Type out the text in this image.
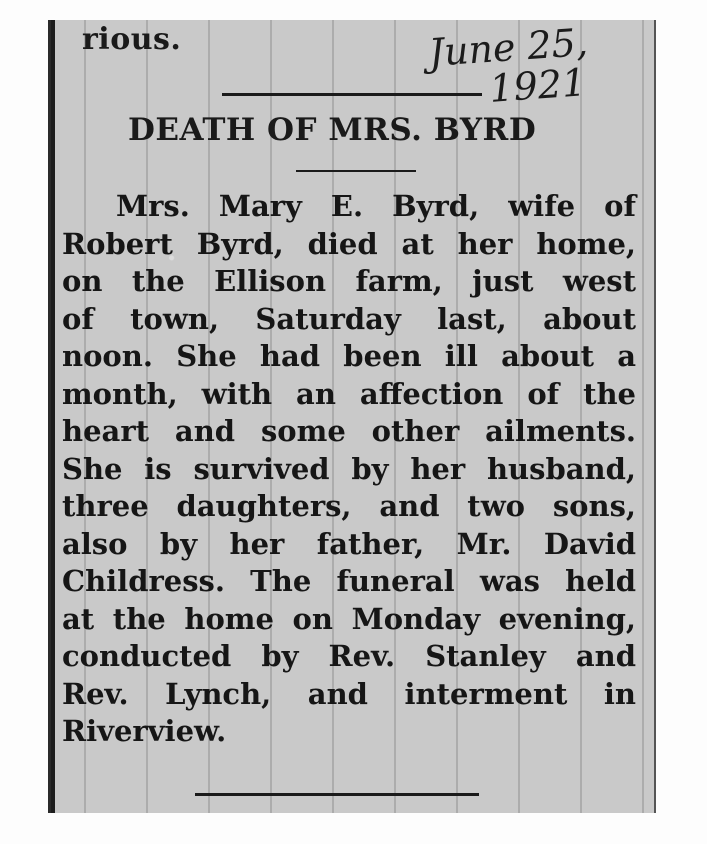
rious.	June 25,
1921
DEATH OF MRS. BYRD
Mrs. Mary E. Byrd, wife of
Robert Byrd, died at her home,
on the Ellison farm, just west
of town, Saturday last, about
noon. She had been ill about a
month, with an affection of the
heart and some other ailments.
She is survived by her husband,
three daughters, and two sons,
also by her father, Mr. David
Childress. The funeral was held
at the home on Monday evening,
conducted by Rev. Stanley and
Rev. Lynch, and interment in
Riverview.
